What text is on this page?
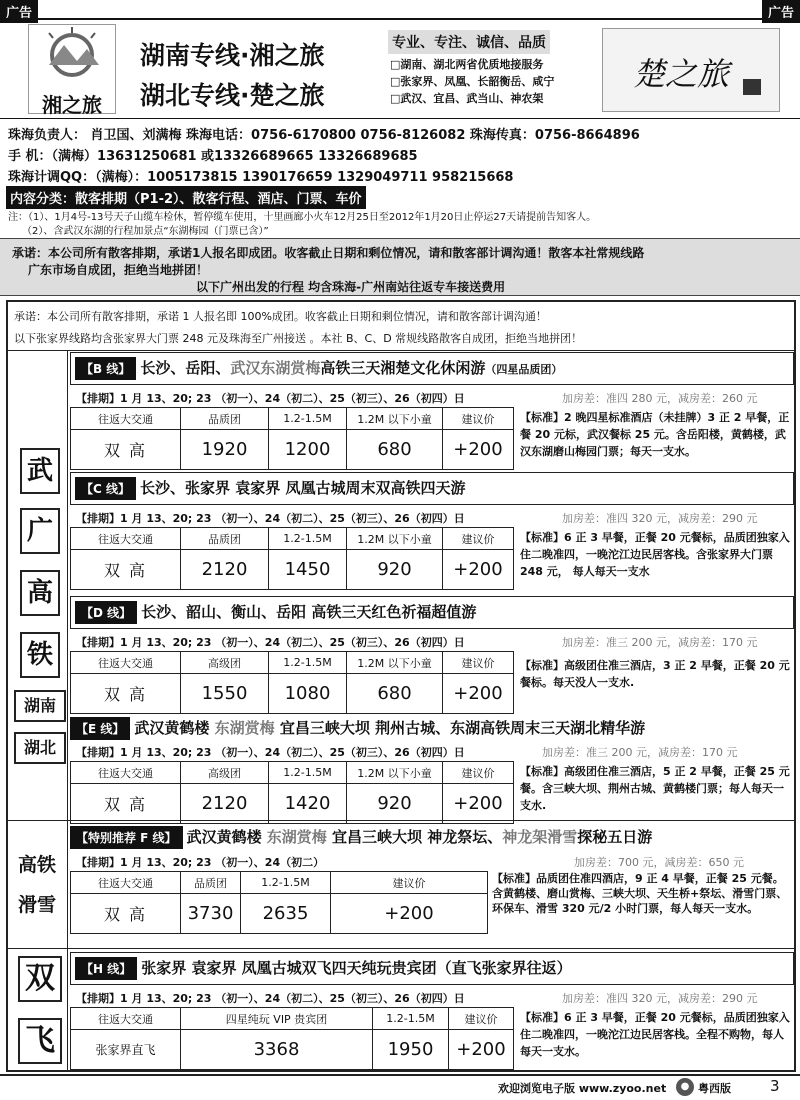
广告	广告
湘之旅
湖南专线·湘之旅
湖北专线·楚之旅
专业、专注、诚信、品质
□湖南、湖北两省优质地接服务
□张家界、凤凰、长韶衡岳、咸宁
□武汉、宜昌、武当山、神农架
楚之旅
珠海负责人： 肖卫国、刘满梅 珠海电话：0756-6170800 0756-8126082 珠海传真：0756-8664896
手 机：（满梅）13631250681 或13326689665 13326689685
珠海计调QQ：（满梅）：1005173815 1390176659 1329049711 958215668
内容分类：散客排期（P1-2）、散客行程、酒店、门票、车价
注：（1）、1月4号-13号天子山缆车检休，暂停缆车使用，十里画廊小火车12月25日至2012年1月20日止停运27天请提前告知客人。
（2）、含武汉东湖的行程加景点“东湖梅园（门票已含）”
承诺：本公司所有散客排期，承诺1人报名即成团。收客截止日期和剩位情况，请和散客部计调沟通！散客本社常规线路
广东市场自成团，拒绝当地拼团！
以下广州出发的行程 均含珠海-广州南站往返专车接送费用
承诺：本公司所有散客排期，承诺 1 人报名即 100%成团。收客截止日期和剩位情况，请和散客部计调沟通！
以下张家界线路均含张家界大门票 248 元及珠海至广州接送 。本社 B、C、D 常规线路散客自成团，拒绝当地拼团！
武
广
高
铁
湖南
湖北
高铁
滑雪
双
飞
【B 线】 长沙、岳阳、武汉东湖赏梅高铁三天湘楚文化休闲游（四星品质团）
【排期】1 月 13、20; 23 （初一）、24（初二）、25（初三）、26（初四）日	加房差：准四 280 元，减房差：260 元
往返大交通	品质团	1.2-1.5M	1.2M 以下小童	建议价
双 高	1920	1200	680	+200
【标准】2 晚四星标准酒店（未挂牌）3 正 2 早餐，正餐 20 元标，武汉餐标 25 元。含岳阳楼，黄鹤楼，武汉东湖磨山梅园门票；每天一支水。
【C 线】 长沙、张家界 袁家界 凤凰古城周末双高铁四天游
【排期】1 月 13、20; 23 （初一）、24（初二）、25（初三）、26（初四）日	加房差：准四 320 元，减房差：290 元
往返大交通	品质团	1.2-1.5M	1.2M 以下小童	建议价
双 高	2120	1450	920	+200
【标准】6 正 3 早餐，正餐 20 元餐标，品质团独家入住二晚准四，一晚沱江边民居客栈。含张家界大门票 248 元， 每人每天一支水
【D 线】 长沙、韶山、衡山、岳阳 高铁三天红色祈福超值游
【排期】1 月 13、20; 23 （初一）、24（初二）、25（初三）、26（初四）日	加房差：准三 200 元，减房差：170 元
往返大交通	高级团	1.2-1.5M	1.2M 以下小童	建议价
双 高	1550	1080	680	+200
【标准】高级团住准三酒店，3 正 2 早餐，正餐 20 元餐标。每天没人一支水.
【E 线】 武汉黄鹤楼 东湖赏梅 宜昌三峡大坝 荆州古城、东湖高铁周末三天湖北精华游
【排期】1 月 13、20; 23 （初一）、24（初二）、25（初三）、26（初四）日	加房差：准三 200 元，减房差：170 元
往返大交通	高级团	1.2-1.5M	1.2M 以下小童	建议价
双 高	2120	1420	920	+200
【标准】高级团住准三酒店，5 正 2 早餐，正餐 25 元餐。含三峡大坝、荆州古城、黄鹤楼门票；每人每天一支水.
【特别推荐 F 线】 武汉黄鹤楼 东湖赏梅 宜昌三峡大坝 神龙祭坛、神龙架滑雪探秘五日游
【排期】1 月 13、20; 23 （初一）、24（初二）	加房差：700 元，减房差：650 元
往返大交通	品质团	1.2-1.5M	建议价
双 高	3730	2635	+200
【标准】品质团住准四酒店，9 正 4 早餐，正餐 25 元餐。含黄鹤楼、磨山赏梅、三峡大坝、天生桥+祭坛、滑雪门票、环保车、滑雪 320 元/2 小时门票，每人每天一支水。
【H 线】 张家界 袁家界 凤凰古城双飞四天纯玩贵宾团（直飞张家界往返）
【排期】1 月 13、20; 23 （初一）、24（初二）、25（初三）、26（初四）日	加房差：准四 320 元，减房差：290 元
往返大交通	四星纯玩 VIP 贵宾团	1.2-1.5M	建议价
张家界直飞	3368	1950	+200
【标准】6 正 3 早餐，正餐 20 元餐标，品质团独家入住二晚准四，一晚沱江边民居客栈。全程不购物，每人每天一支水。
欢迎浏览电子版 www.zyoo.net	● 粤西版	3
